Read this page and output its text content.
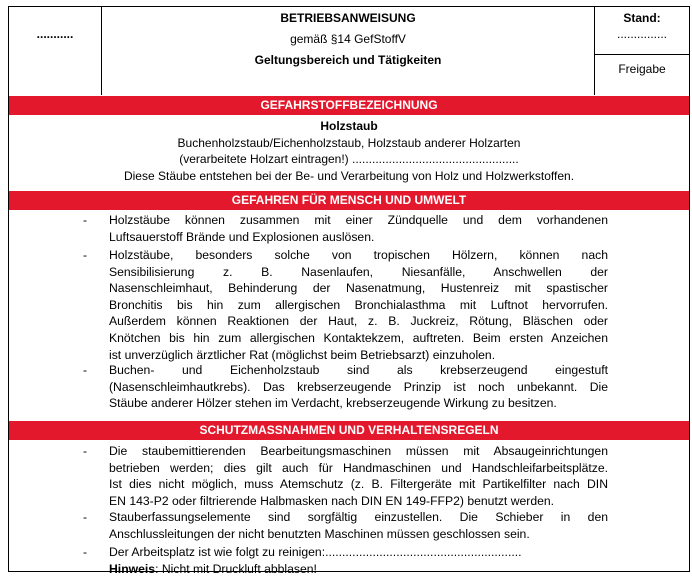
...........
BETRIEBSANWEISUNG
gemäß §14 GefStoffV
Geltungsbereich und Tätigkeiten
Stand:
...............
Freigabe
GEFAHRSTOFFBEZEICHNUNG
Holzstaub
Buchenholzstaub/Eichenholzstaub, Holzstaub anderer Holzarten
(verarbeitete Holzart eintragen!) ..................................................
Diese Stäube entstehen bei der Be- und Verarbeitung von Holz und Holzwerkstoffen.
GEFAHREN FÜR MENSCH UND UMWELT
- Holzstäube können zusammen mit einer Zündquelle und dem vorhandenen
Luftsauerstoff Brände und Explosionen auslösen.
- Holzstäube, besonders solche von tropischen Hölzern, können nach
Sensibilisierung z. B. Nasenlaufen, Niesanfälle, Anschwellen der
Nasenschleimhaut, Behinderung der Nasenatmung, Hustenreiz mit spastischer
Bronchitis bis hin zum allergischen Bronchialasthma mit Luftnot hervorrufen.
Außerdem können Reaktionen der Haut, z. B. Juckreiz, Rötung, Bläschen oder
Knötchen bis hin zum allergischen Kontaktekzem, auftreten. Beim ersten Anzeichen
ist unverzüglich ärztlicher Rat (möglichst beim Betriebsarzt) einzuholen.
- Buchen- und Eichenholzstaub sind als krebserzeugend eingestuft
(Nasenschleimhautkrebs). Das krebserzeugende Prinzip ist noch unbekannt. Die
Stäube anderer Hölzer stehen im Verdacht, krebserzeugende Wirkung zu besitzen.
SCHUTZMASSNAHMEN UND VERHALTENSREGELN
- Die staubemittierenden Bearbeitungsmaschinen müssen mit Absaugeinrichtungen
betrieben werden; dies gilt auch für Handmaschinen und Handschleifarbeitsplätze.
Ist dies nicht möglich, muss Atemschutz (z. B. Filtergeräte mit Partikelfilter nach DIN
EN 143-P2 oder filtrierende Halbmasken nach DIN EN 149-FFP2) benutzt werden.
- Stauberfassungselemente sind sorgfältig einzustellen. Die Schieber in den
Anschlussleitungen der nicht benutzten Maschinen müssen geschlossen sein.
- Der Arbeitsplatz ist wie folgt zu reinigen:..........................................................
Hinweis: Nicht mit Druckluft abblasen!
